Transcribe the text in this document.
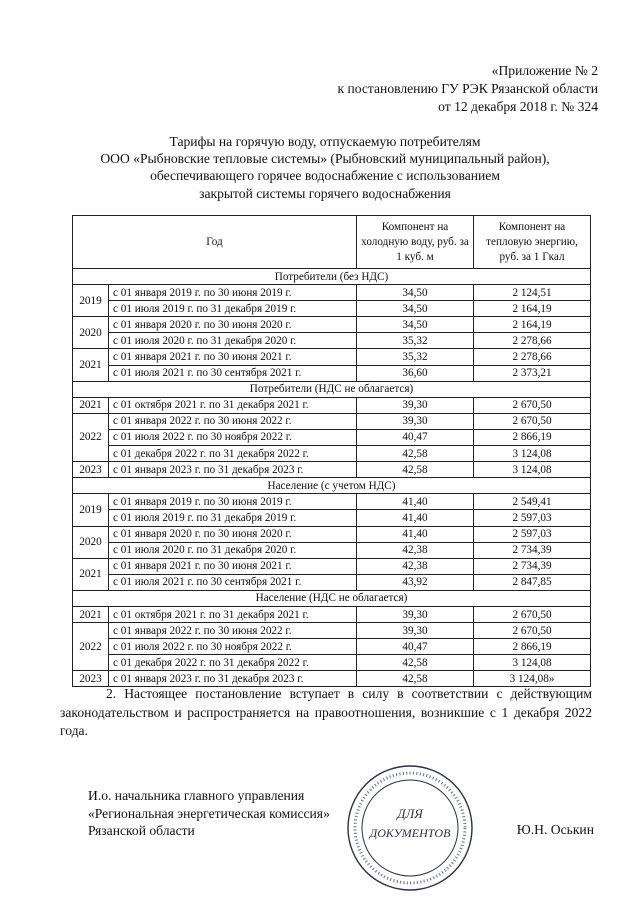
«Приложение № 2
к постановлению ГУ РЭК Рязанской области
от 12 декабря 2018 г. № 324
Тарифы на горячую воду, отпускаемую потребителям
ООО «Рыбновские тепловые системы» (Рыбновский муниципальный район),
обеспечивающего горячее водоснабжение с использованием
закрытой системы горячего водоснабжения
Год		Компонент на холодную воду, руб. за 1 куб. м	Компонент на тепловую энергию, руб. за 1 Гкал
Потребители (без НДС)			
2019	с 01 января 2019 г. по 30 июня 2019 г.	34,50	2 124,51
	с 01 июля 2019 г. по 31 декабря 2019 г.	34,50	2 164,19
2020	с 01 января 2020 г. по 30 июня 2020 г.	34,50	2 164,19
	с 01 июля 2020 г. по 31 декабря 2020 г.	35,32	2 278,66
2021	с 01 января 2021 г. по 30 июня 2021 г.	35,32	2 278,66
	с 01 июля 2021 г. по 30 сентября 2021 г.	36,60	2 373,21
Потребители (НДС не облагается)			
2021	с 01 октября 2021 г. по 31 декабря 2021 г.	39,30	2 670,50
2022	с 01 января 2022 г. по 30 июня 2022 г.	39,30	2 670,50
	с 01 июля 2022 г. по 30 ноября 2022 г.	40,47	2 866,19
	с 01 декабря 2022 г. по 31 декабря 2022 г.	42,58	3 124,08
2023	с 01 января 2023 г. по 31 декабря 2023 г.	42,58	3 124,08
Население (с учетом НДС)			
2019	с 01 января 2019 г. по 30 июня 2019 г.	41,40	2 549,41
	с 01 июля 2019 г. по 31 декабря 2019 г.	41,40	2 597,03
2020	с 01 января 2020 г. по 30 июня 2020 г.	41,40	2 597,03
	с 01 июля 2020 г. по 31 декабря 2020 г.	42,38	2 734,39
2021	с 01 января 2021 г. по 30 июня 2021 г.	42,38	2 734,39
	с 01 июля 2021 г. по 30 сентября 2021 г.	43,92	2 847,85
Население (НДС не облагается)			
2021	с 01 октября 2021 г. по 31 декабря 2021 г.	39,30	2 670,50
2022	с 01 января 2022 г. по 30 июня 2022 г.	39,30	2 670,50
	с 01 июля 2022 г. по 30 ноября 2022 г.	40,47	2 866,19
	с 01 декабря 2022 г. по 31 декабря 2022 г.	42,58	3 124,08
2023	с 01 января 2023 г. по 31 декабря 2023 г.	42,58	3 124,08»
2. Настоящее постановление вступает в силу в соответствии с действующим законодательством и распространяется на правоотношения, возникшие с 1 декабря 2022 года.
И.о. начальника главного управления
«Региональная энергетическая комиссия»
Рязанской области	Ю.Н. Оськин
ДЛЯ
ДОКУМЕНТОВ
